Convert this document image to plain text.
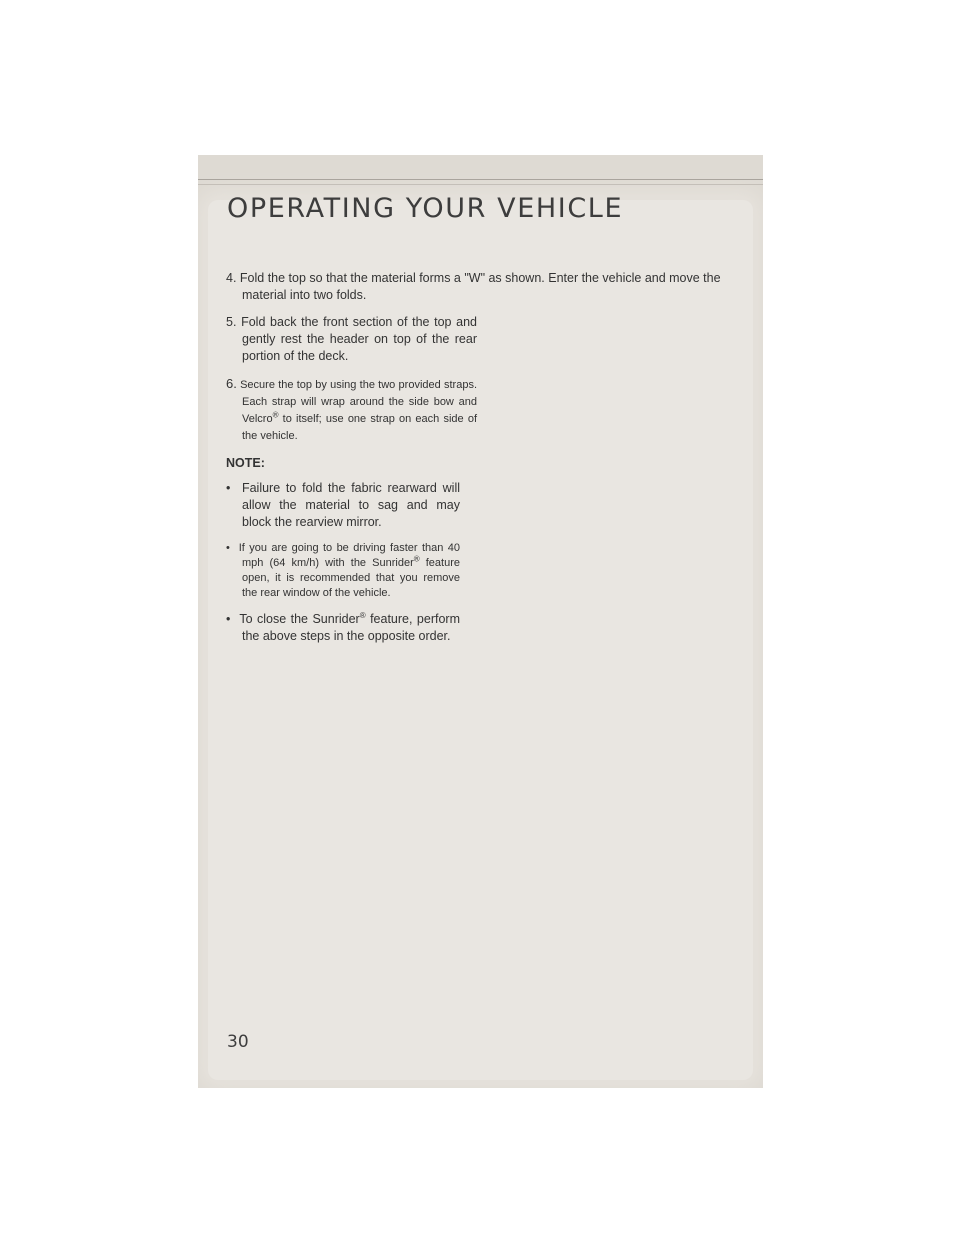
OPERATING YOUR VEHICLE

4. Fold the top so that the material forms a "W" as shown. Enter the vehicle and move the material into two folds.

5. Fold back the front section of the top and gently rest the header on top of the rear portion of the deck.

6. Secure the top by using the two provided straps. Each strap will wrap around the side bow and Velcro® to itself; use one strap on each side of the vehicle.

NOTE:

• Failure to fold the fabric rearward will allow the material to sag and may block the rearview mirror.

• If you are going to be driving faster than 40 mph (64 km/h) with the Sunrider® feature open, it is recommended that you remove the rear window of the vehicle.

• To close the Sunrider® feature, perform the above steps in the opposite order.

30
